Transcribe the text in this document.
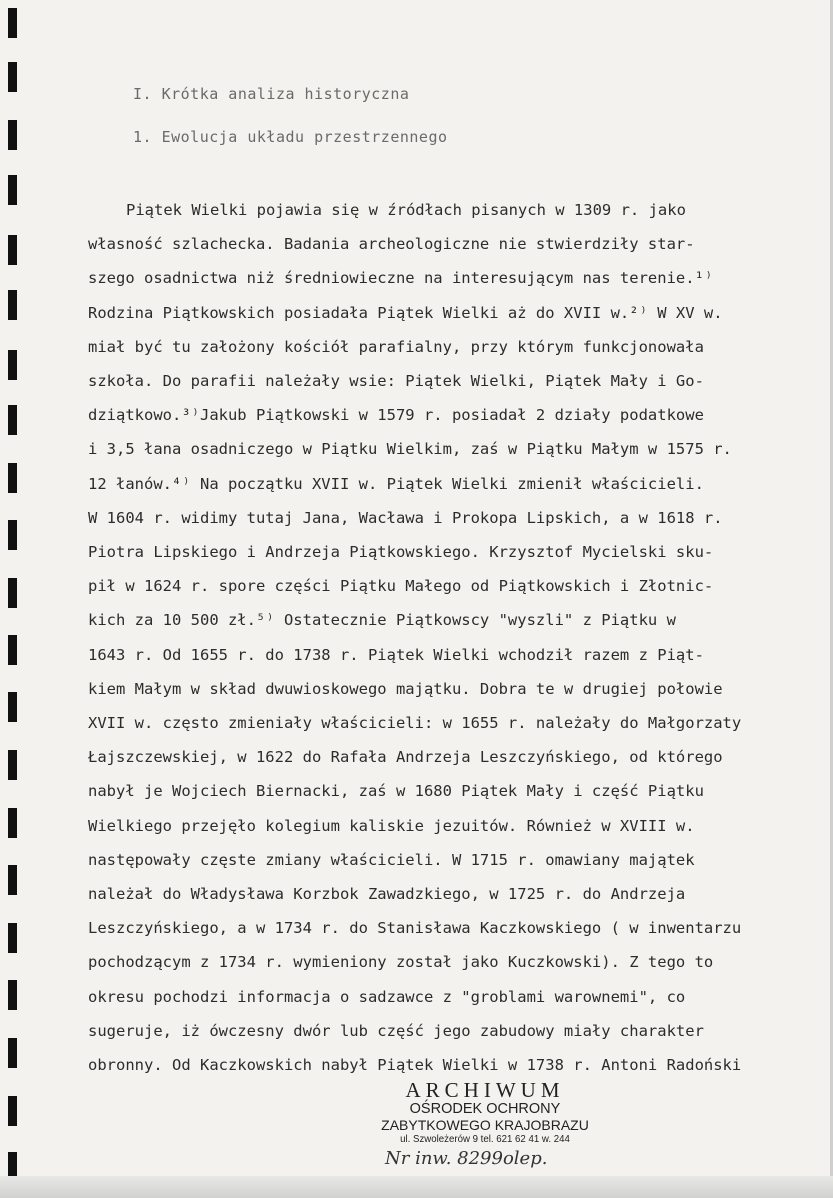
I. Krótka analiza historyczna
1. Ewolucja układu przestrzennego
Piątek Wielki pojawia się w źródłach pisanych w 1309 r. jako
własność szlachecka. Badania archeologiczne nie stwierdziły star-
szego osadnictwa niż średniowieczne na interesującym nas terenie.¹⁾
Rodzina Piątkowskich posiadała Piątek Wielki aż do XVII w.²⁾ W XV w.
miał być tu założony kościół parafialny, przy którym funkcjonowała
szkoła. Do parafii należały wsie: Piątek Wielki, Piątek Mały i Go-
dziątkowo.³⁾Jakub Piątkowski w 1579 r. posiadał 2 działy podatkowe
i 3,5 łana osadniczego w Piątku Wielkim, zaś w Piątku Małym w 1575 r.
12 łanów.⁴⁾ Na początku XVII w. Piątek Wielki zmienił właścicieli.
W 1604 r. widimy tutaj Jana, Wacława i Prokopa Lipskich, a w 1618 r.
Piotra Lipskiego i Andrzeja Piątkowskiego. Krzysztof Mycielski sku-
pił w 1624 r. spore części Piątku Małego od Piątkowskich i Złotnic-
kich za 10 500 zł.⁵⁾ Ostatecznie Piątkowscy "wyszli" z Piątku w
1643 r. Od 1655 r. do 1738 r. Piątek Wielki wchodził razem z Piąt-
kiem Małym w skład dwuwioskowego majątku. Dobra te w drugiej połowie
XVII w. często zmieniały właścicieli: w 1655 r. należały do Małgorzaty
Łajszczewskiej, w 1622 do Rafała Andrzeja Leszczyńskiego, od którego
nabył je Wojciech Biernacki, zaś w 1680 Piątek Mały i część Piątku
Wielkiego przejęło kolegium kaliskie jezuitów. Również w XVIII w.
następowały częste zmiany właścicieli. W 1715 r. omawiany majątek
należał do Władysława Korzbok Zawadzkiego, w 1725 r. do Andrzeja
Leszczyńskiego, a w 1734 r. do Stanisława Kaczkowskiego ( w inwentarzu
pochodzącym z 1734 r. wymieniony został jako Kuczkowski). Z tego to
okresu pochodzi informacja o sadzawce z "groblami warownemi", co
sugeruje, iż ówczesny dwór lub część jego zabudowy miały charakter
obronny. Od Kaczkowskich nabył Piątek Wielki w 1738 r. Antoni Radoński
ARCHIWUM
OŚRODEK OCHRONY
ZABYTKOWEGO KRAJOBRAZU
ul. Szwoleżerów 9 tel. 621 62 41 w. 244
Nr inw. 8299olep.
